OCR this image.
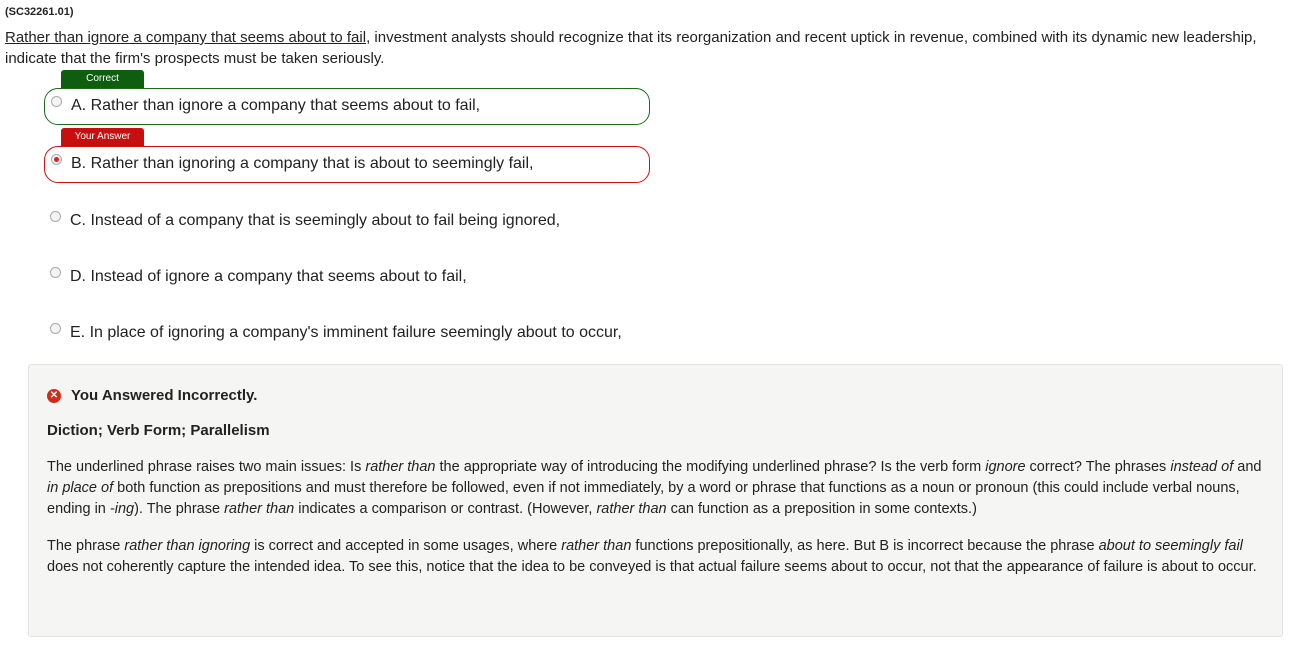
(SC32261.01)
Rather than ignore a company that seems about to fail, investment analysts should recognize that its reorganization and recent uptick in revenue, combined with its dynamic new leadership, indicate that the firm's prospects must be taken seriously.
Correct
A. Rather than ignore a company that seems about to fail,
Your Answer
B. Rather than ignoring a company that is about to seemingly fail,
C. Instead of a company that is seemingly about to fail being ignored,
D. Instead of ignore a company that seems about to fail,
E. In place of ignoring a company's imminent failure seemingly about to occur,
✕ You Answered Incorrectly.
Diction; Verb Form; Parallelism
The underlined phrase raises two main issues: Is rather than the appropriate way of introducing the modifying underlined phrase? Is the verb form ignore correct? The phrases instead of and in place of both function as prepositions and must therefore be followed, even if not immediately, by a word or phrase that functions as a noun or pronoun (this could include verbal nouns, ending in -ing). The phrase rather than indicates a comparison or contrast. (However, rather than can function as a preposition in some contexts.)
The phrase rather than ignoring is correct and accepted in some usages, where rather than functions prepositionally, as here. But B is incorrect because the phrase about to seemingly fail does not coherently capture the intended idea. To see this, notice that the idea to be conveyed is that actual failure seems about to occur, not that the appearance of failure is about to occur.
